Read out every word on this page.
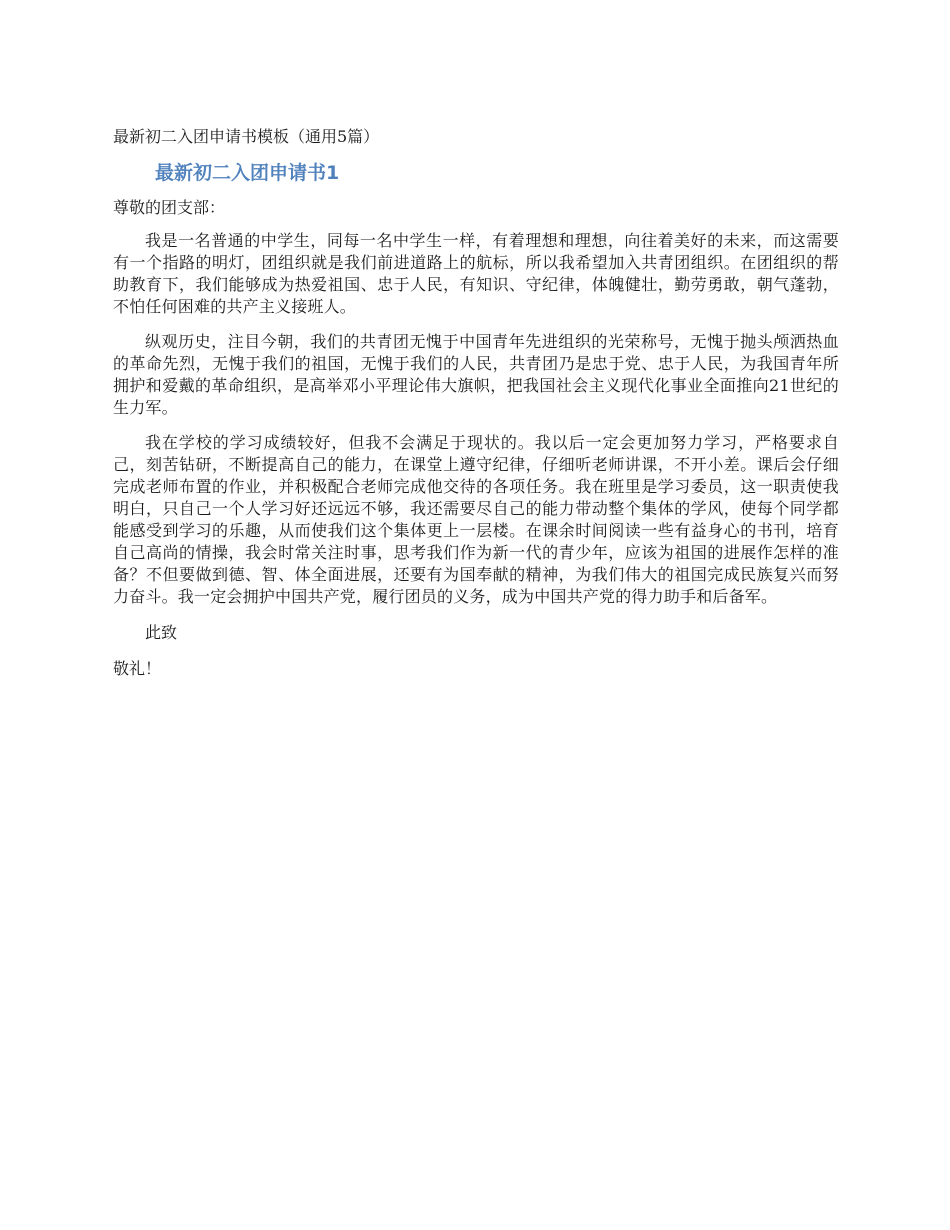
最新初二入团申请书模板（通用5篇）
最新初二入团申请书1
尊敬的团支部：

我是一名普通的中学生，同每一名中学生一样，有着理想和理想，向往着美好的未来，而这需要有一个指路的明灯，团组织就是我们前进道路上的航标，所以我希望加入共青团组织。在团组织的帮助教育下，我们能够成为热爱祖国、忠于人民，有知识、守纪律，体魄健壮，勤劳勇敢，朝气蓬勃，不怕任何困难的共产主义接班人。

纵观历史，注目今朝，我们的共青团无愧于中国青年先进组织的光荣称号，无愧于抛头颅洒热血的革命先烈，无愧于我们的祖国，无愧于我们的人民，共青团乃是忠于党、忠于人民，为我国青年所拥护和爱戴的革命组织，是高举邓小平理论伟大旗帜，把我国社会主义现代化事业全面推向21世纪的生力军。

我在学校的学习成绩较好，但我不会满足于现状的。我以后一定会更加努力学习，严格要求自己，刻苦钻研，不断提高自己的能力，在课堂上遵守纪律，仔细听老师讲课，不开小差。课后会仔细完成老师布置的作业，并积极配合老师完成他交待的各项任务。我在班里是学习委员，这一职责使我明白，只自己一个人学习好还远远不够，我还需要尽自己的能力带动整个集体的学风，使每个同学都能感受到学习的乐趣，从而使我们这个集体更上一层楼。在课余时间阅读一些有益身心的书刊，培育自己高尚的情操，我会时常关注时事，思考我们作为新一代的青少年，应该为祖国的进展作怎样的准备？不但要做到德、智、体全面进展，还要有为国奉献的精神，为我们伟大的祖国完成民族复兴而努力奋斗。我一定会拥护中国共产党，履行团员的义务，成为中国共产党的得力助手和后备军。

此致
敬礼！
